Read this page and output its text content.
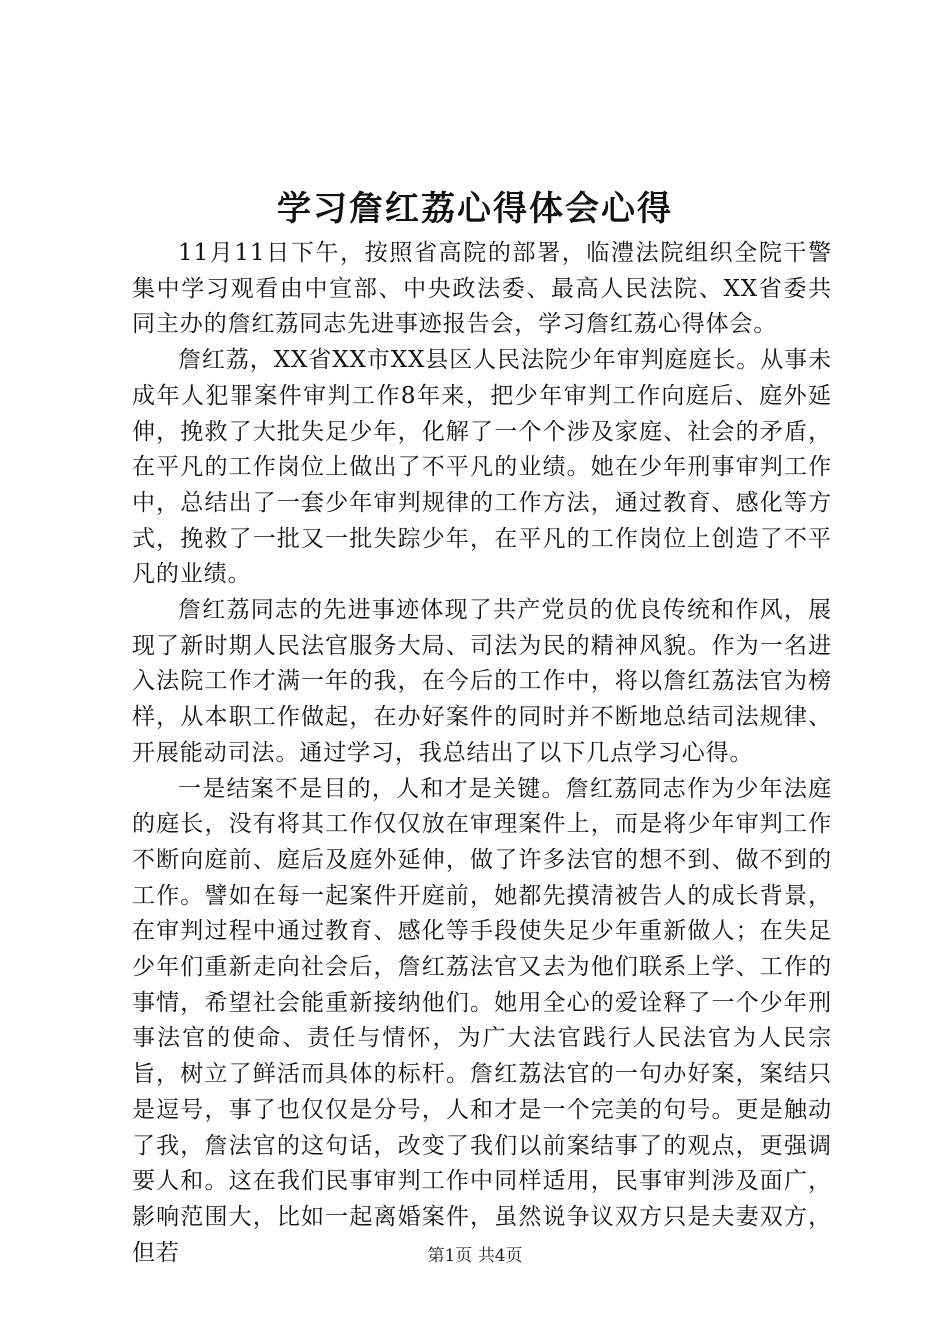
学习詹红荔心得体会心得

11月11日下午，按照省高院的部署，临澧法院组织全院干警集中学习观看由中宣部、中央政法委、最高人民法院、XX省委共同主办的詹红荔同志先进事迹报告会，学习詹红荔心得体会。

詹红荔，XX省XX市XX县区人民法院少年审判庭庭长。从事未成年人犯罪案件审判工作8年来，把少年审判工作向庭后、庭外延伸，挽救了大批失足少年，化解了一个个涉及家庭、社会的矛盾，在平凡的工作岗位上做出了不平凡的业绩。她在少年刑事审判工作中，总结出了一套少年审判规律的工作方法，通过教育、感化等方式，挽救了一批又一批失踪少年，在平凡的工作岗位上创造了不平凡的业绩。

詹红荔同志的先进事迹体现了共产党员的优良传统和作风，展现了新时期人民法官服务大局、司法为民的精神风貌。作为一名进入法院工作才满一年的我，在今后的工作中，将以詹红荔法官为榜样，从本职工作做起，在办好案件的同时并不断地总结司法规律、开展能动司法。通过学习，我总结出了以下几点学习心得。

一是结案不是目的，人和才是关键。詹红荔同志作为少年法庭的庭长，没有将其工作仅仅放在审理案件上，而是将少年审判工作不断向庭前、庭后及庭外延伸，做了许多法官的想不到、做不到的工作。譬如在每一起案件开庭前，她都先摸清被告人的成长背景，在审判过程中通过教育、感化等手段使失足少年重新做人；在失足少年们重新走向社会后，詹红荔法官又去为他们联系上学、工作的事情，希望社会能重新接纳他们。她用全心的爱诠释了一个少年刑事法官的使命、责任与情怀，为广大法官践行人民法官为人民宗旨，树立了鲜活而具体的标杆。詹红荔法官的一句办好案，案结只是逗号，事了也仅仅是分号，人和才是一个完美的句号。更是触动了我，詹法官的这句话，改变了我们以前案结事了的观点，更强调要人和。这在我们民事审判工作中同样适用，民事审判涉及面广，影响范围大，比如一起离婚案件，虽然说争议双方只是夫妻双方，但若	第1页 共4页
